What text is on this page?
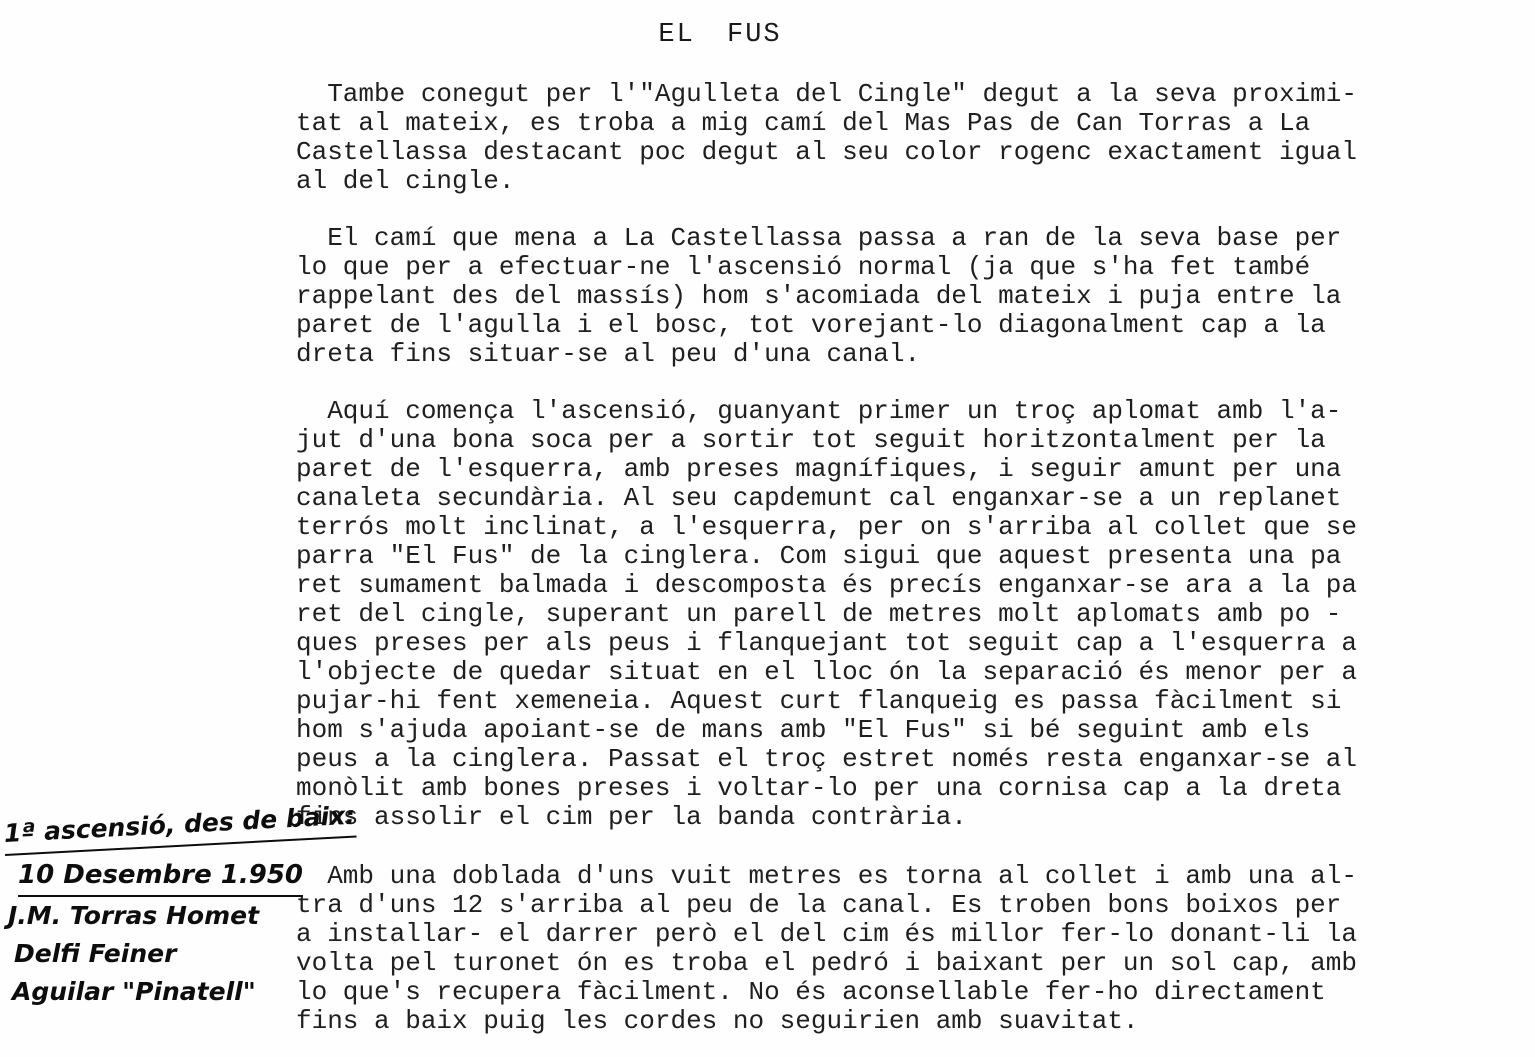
EL FUS
Tambe conegut per l'"Agulleta del Cingle" degut a la seva proximi-
tat al mateix, es troba a mig camí del Mas Pas de Can Torras a La
Castellassa destacant poc degut al seu color rogenc exactament igual
al del cingle.
El camí que mena a La Castellassa passa a ran de la seva base per
lo que per a efectuar-ne l'ascensió normal (ja que s'ha fet també
rappelant des del massís) hom s'acomiada del mateix i puja entre la
paret de l'agulla i el bosc, tot vorejant-lo diagonalment cap a la
dreta fins situar-se al peu d'una canal.
Aquí comença l'ascensió, guanyant primer un troç aplomat amb l'a-
jut d'una bona soca per a sortir tot seguit horitzontalment per la
paret de l'esquerra, amb preses magnífiques, i seguir amunt per una
canaleta secundària. Al seu capdemunt cal enganxar-se a un replanet
terrós molt inclinat, a l'esquerra, per on s'arriba al collet que se
parra "El Fus" de la cinglera. Com sigui que aquest presenta una pa
ret sumament balmada i descomposta és precís enganxar-se ara a la pa
ret del cingle, superant un parell de metres molt aplomats amb po -
ques preses per als peus i flanquejant tot seguit cap a l'esquerra a
l'objecte de quedar situat en el lloc ón la separació és menor per a
pujar-hi fent xemeneia. Aquest curt flanqueig es passa fàcilment si
hom s'ajuda apoiant-se de mans amb "El Fus" si bé seguint amb els
peus a la cinglera. Passat el troç estret només resta enganxar-se al
monòlit amb bones preses i voltar-lo per una cornisa cap a la dreta
fins assolir el cim per la banda contrària.
Amb una doblada d'uns vuit metres es torna al collet i amb una al-
tra d'uns 12 s'arriba al peu de la canal. Es troben bons boixos per
a installar- el darrer però el del cim és millor fer-lo donant-li la
volta pel turonet ón es troba el pedró i baixant per un sol cap, amb
lo que's recupera fàcilment. No és aconsellable fer-ho directament
fins a baix puig les cordes no seguirien amb suavitat.
1ª ascensió, des de baix:
10 Desembre 1.950
J.M. Torras Homet
Delfi Feiner
Aguilar "Pinatell"
